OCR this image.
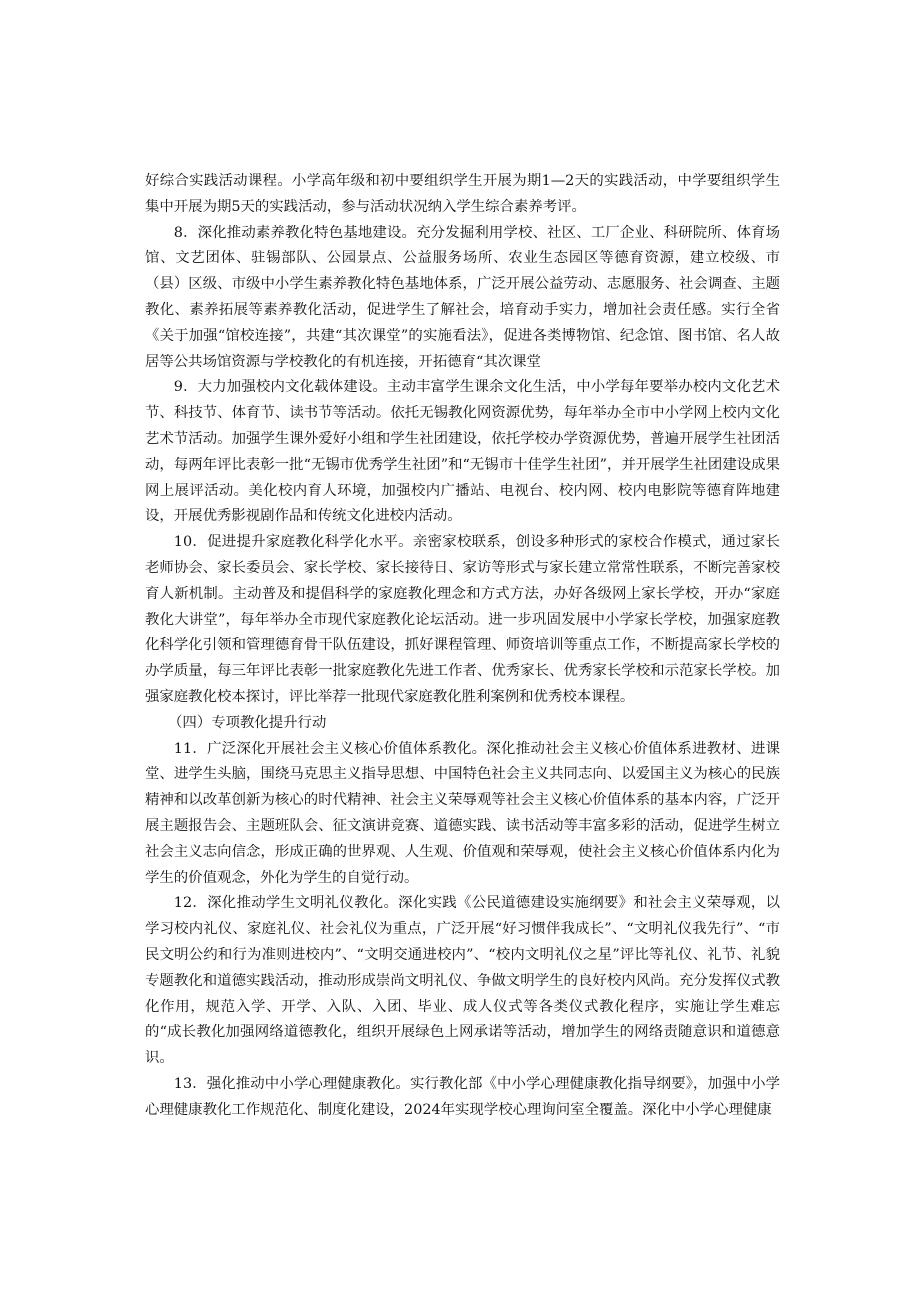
好综合实践活动课程。小学高年级和初中要组织学生开展为期1—2天的实践活动，中学要组织学生集中开展为期5天的实践活动，参与活动状况纳入学生综合素养考评。

8．深化推动素养教化特色基地建设。充分发掘利用学校、社区、工厂企业、科研院所、体育场馆、文艺团体、驻锡部队、公园景点、公益服务场所、农业生态园区等德育资源，建立校级、市（县）区级、市级中小学生素养教化特色基地体系，广泛开展公益劳动、志愿服务、社会调查、主题教化、素养拓展等素养教化活动，促进学生了解社会，培育动手实力，增加社会责任感。实行全省《关于加强“馆校连接”，共建“其次课堂”的实施看法》，促进各类博物馆、纪念馆、图书馆、名人故居等公共场馆资源与学校教化的有机连接，开拓德育“其次课堂

9．大力加强校内文化载体建设。主动丰富学生课余文化生活，中小学每年要举办校内文化艺术节、科技节、体育节、读书节等活动。依托无锡教化网资源优势，每年举办全市中小学网上校内文化艺术节活动。加强学生课外爱好小组和学生社团建设，依托学校办学资源优势，普遍开展学生社团活动，每两年评比表彰一批“无锡市优秀学生社团”和“无锡市十佳学生社团”，并开展学生社团建设成果网上展评活动。美化校内育人环境，加强校内广播站、电视台、校内网、校内电影院等德育阵地建设，开展优秀影视剧作品和传统文化进校内活动。

10．促进提升家庭教化科学化水平。亲密家校联系，创设多种形式的家校合作模式，通过家长老师协会、家长委员会、家长学校、家长接待日、家访等形式与家长建立常常性联系，不断完善家校育人新机制。主动普及和提倡科学的家庭教化理念和方式方法，办好各级网上家长学校，开办“家庭教化大讲堂”，每年举办全市现代家庭教化论坛活动。进一步巩固发展中小学家长学校，加强家庭教化科学化引领和管理德育骨干队伍建设，抓好课程管理、师资培训等重点工作，不断提高家长学校的办学质量，每三年评比表彰一批家庭教化先进工作者、优秀家长、优秀家长学校和示范家长学校。加强家庭教化校本探讨，评比举荐一批现代家庭教化胜利案例和优秀校本课程。

（四）专项教化提升行动

11．广泛深化开展社会主义核心价值体系教化。深化推动社会主义核心价值体系进教材、进课堂、进学生头脑，围绕马克思主义指导思想、中国特色社会主义共同志向、以爱国主义为核心的民族精神和以改革创新为核心的时代精神、社会主义荣辱观等社会主义核心价值体系的基本内容，广泛开展主题报告会、主题班队会、征文演讲竞赛、道德实践、读书活动等丰富多彩的活动，促进学生树立社会主义志向信念，形成正确的世界观、人生观、价值观和荣辱观，使社会主义核心价值体系内化为学生的价值观念，外化为学生的自觉行动。

12．深化推动学生文明礼仪教化。深化实践《公民道德建设实施纲要》和社会主义荣辱观，以学习校内礼仪、家庭礼仪、社会礼仪为重点，广泛开展“好习惯伴我成长”、“文明礼仪我先行”、“市民文明公约和行为准则进校内”、“文明交通进校内”、“校内文明礼仪之星”评比等礼仪、礼节、礼貌专题教化和道德实践活动，推动形成崇尚文明礼仪、争做文明学生的良好校内风尚。充分发挥仪式教化作用，规范入学、开学、入队、入团、毕业、成人仪式等各类仪式教化程序，实施让学生难忘的“成长教化加强网络道德教化，组织开展绿色上网承诺等活动，增加学生的网络责随意识和道德意识。

13．强化推动中小学心理健康教化。实行教化部《中小学心理健康教化指导纲要》，加强中小学心理健康教化工作规范化、制度化建设，2024年实现学校心理询问室全覆盖。深化中小学心理健康
